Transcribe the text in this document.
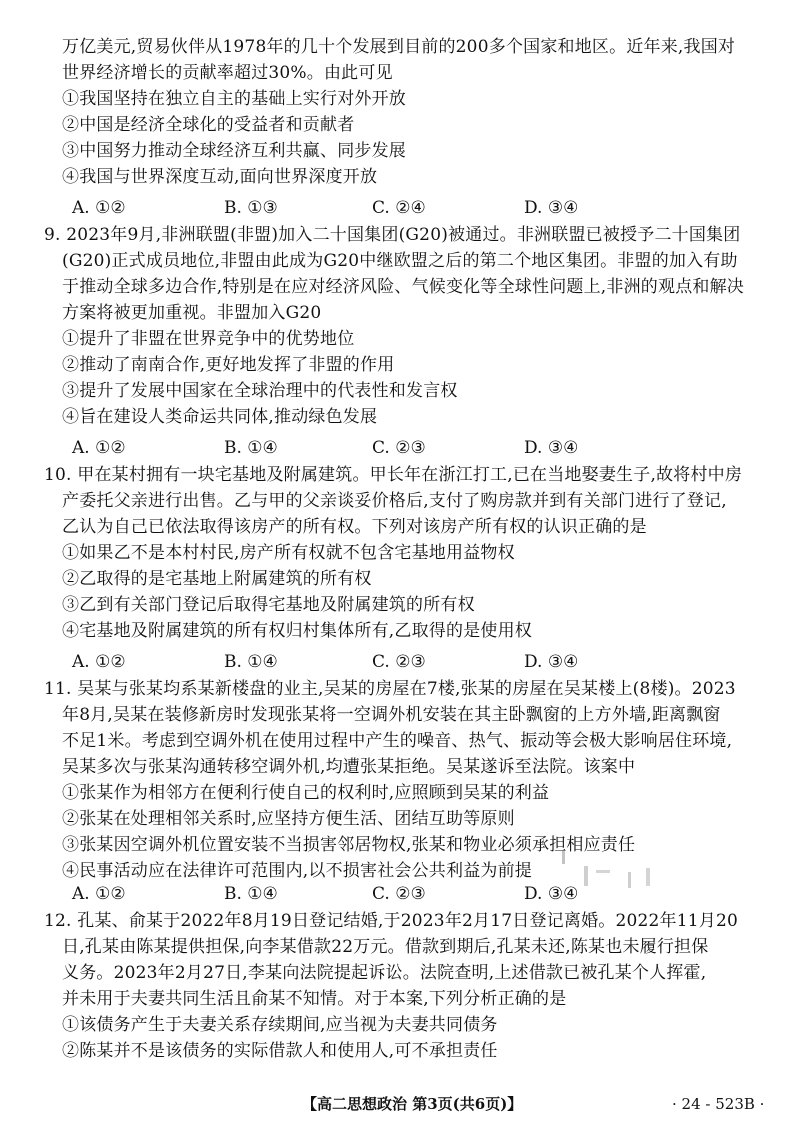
万亿美元,贸易伙伴从1978年的几十个发展到目前的200多个国家和地区。近年来,我国对
世界经济增长的贡献率超过30%。由此可见
①我国坚持在独立自主的基础上实行对外开放
②中国是经济全球化的受益者和贡献者
③中国努力推动全球经济互利共赢、同步发展
④我国与世界深度互动,面向世界深度开放
A. ①②	B. ①③	C. ②④	D. ③④
9. 2023年9月,非洲联盟(非盟)加入二十国集团(G20)被通过。非洲联盟已被授予二十国集团
(G20)正式成员地位,非盟由此成为G20中继欧盟之后的第二个地区集团。非盟的加入有助
于推动全球多边合作,特别是在应对经济风险、气候变化等全球性问题上,非洲的观点和解决
方案将被更加重视。非盟加入G20
①提升了非盟在世界竞争中的优势地位
②推动了南南合作,更好地发挥了非盟的作用
③提升了发展中国家在全球治理中的代表性和发言权
④旨在建设人类命运共同体,推动绿色发展
A. ①②	B. ①④	C. ②③	D. ③④
10. 甲在某村拥有一块宅基地及附属建筑。甲长年在浙江打工,已在当地娶妻生子,故将村中房
产委托父亲进行出售。乙与甲的父亲谈妥价格后,支付了购房款并到有关部门进行了登记,
乙认为自己已依法取得该房产的所有权。下列对该房产所有权的认识正确的是
①如果乙不是本村村民,房产所有权就不包含宅基地用益物权
②乙取得的是宅基地上附属建筑的所有权
③乙到有关部门登记后取得宅基地及附属建筑的所有权
④宅基地及附属建筑的所有权归村集体所有,乙取得的是使用权
A. ①②	B. ①④	C. ②③	D. ③④
11. 吴某与张某均系某新楼盘的业主,吴某的房屋在7楼,张某的房屋在吴某楼上(8楼)。2023
年8月,吴某在装修新房时发现张某将一空调外机安装在其主卧飘窗的上方外墙,距离飘窗
不足1米。考虑到空调外机在使用过程中产生的噪音、热气、振动等会极大影响居住环境,
吴某多次与张某沟通转移空调外机,均遭张某拒绝。吴某遂诉至法院。该案中
①张某作为相邻方在便利行使自己的权利时,应照顾到吴某的利益
②张某在处理相邻关系时,应坚持方便生活、团结互助等原则
③张某因空调外机位置安装不当损害邻居物权,张某和物业必须承担相应责任
④民事活动应在法律许可范围内,以不损害社会公共利益为前提
A. ①②	B. ①④	C. ②③	D. ③④
12. 孔某、俞某于2022年8月19日登记结婚,于2023年2月17日登记离婚。2022年11月20
日,孔某由陈某提供担保,向李某借款22万元。借款到期后,孔某未还,陈某也未履行担保
义务。2023年2月27日,李某向法院提起诉讼。法院查明,上述借款已被孔某个人挥霍,
并未用于夫妻共同生活且俞某不知情。对于本案,下列分析正确的是
①该债务产生于夫妻关系存续期间,应当视为夫妻共同债务
②陈某并不是该债务的实际借款人和使用人,可不承担责任
【高二思想政治 第3页(共6页)】	· 24 - 523B ·
